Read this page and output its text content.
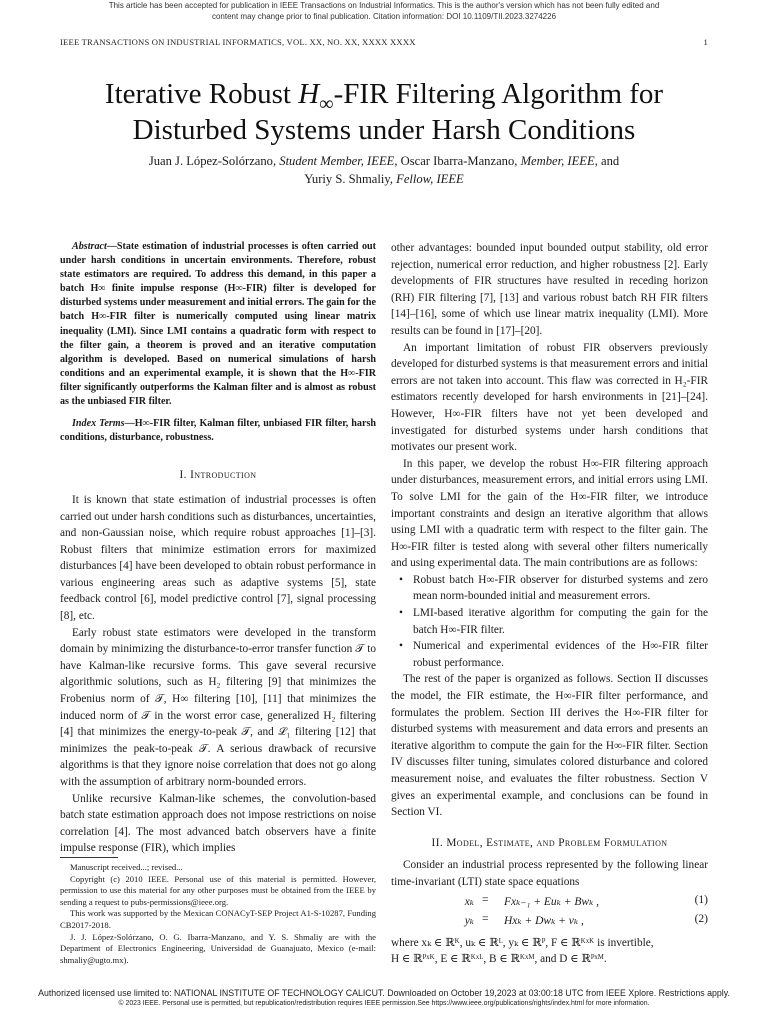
This article has been accepted for publication in IEEE Transactions on Industrial Informatics. This is the author's version which has not been fully edited and
content may change prior to final publication. Citation information: DOI 10.1109/TII.2023.3274226
IEEE TRANSACTIONS ON INDUSTRIAL INFORMATICS, VOL. XX, NO. XX, XXXX XXXX	1
Iterative Robust $H_\infty$-FIR Filtering Algorithm for
Disturbed Systems under Harsh Conditions
Juan J. López-Solórzano, Student Member, IEEE, Oscar Ibarra-Manzano, Member, IEEE, and
Yuriy S. Shmaliy, Fellow, IEEE

Abstract—State estimation of industrial processes is often carried out under harsh conditions in uncertain environments. Therefore, robust state estimators are required. To address this demand, in this paper a batch H∞ finite impulse response (H∞-FIR) filter is developed for disturbed systems under measurement and initial errors. The gain for the batch H∞-FIR filter is numerically computed using linear matrix inequality (LMI). Since LMI contains a quadratic form with respect to the filter gain, a theorem is proved and an iterative computation algorithm is developed. Based on numerical simulations of harsh conditions and an experimental example, it is shown that the H∞-FIR filter significantly outperforms the Kalman filter and is almost as robust as the unbiased FIR filter.

Index Terms—H∞-FIR filter, Kalman filter, unbiased FIR filter, harsh conditions, disturbance, robustness.

I. Introduction

It is known that state estimation of industrial processes is often carried out under harsh conditions such as disturbances, uncertainties, and non-Gaussian noise, which require robust approaches [1]–[3]. Robust filters that minimize estimation errors for maximized disturbances [4] have been developed to obtain robust performance in various engineering areas such as adaptive systems [5], state feedback control [6], model predictive control [7], signal processing [8], etc.

Early robust state estimators were developed in the transform domain by minimizing the disturbance-to-error transfer function 𝒯 to have Kalman-like recursive forms. This gave several recursive algorithmic solutions, such as H₂ filtering [9] that minimizes the Frobenius norm of 𝒯, H∞ filtering [10], [11] that minimizes the induced norm of 𝒯 in the worst error case, generalized H₂ filtering [4] that minimizes the energy-to-peak 𝒯, and ℒ₁ filtering [12] that minimizes the peak-to-peak 𝒯. A serious drawback of recursive algorithms is that they ignore noise correlation that does not go along with the assumption of arbitrary norm-bounded errors.

Unlike recursive Kalman-like schemes, the convolution-based batch state estimation approach does not impose restrictions on noise correlation [4]. The most advanced batch observers have a finite impulse response (FIR), which implies

Manuscript received...; revised...

Copyright (c) 2010 IEEE. Personal use of this material is permitted. However, permission to use this material for any other purposes must be obtained from the IEEE by sending a request to pubs-permissions@ieee.org.

This work was supported by the Mexican CONACyT-SEP Project A1-S-10287, Funding CB2017-2018.

J. J. López-Solórzano, O. G. Ibarra-Manzano, and Y. S. Shmaliy are with the Department of Electronics Engineering, Universidad de Guanajuato, Mexico (e-mail: shmaliy@ugto.mx).

other advantages: bounded input bounded output stability, old error rejection, numerical error reduction, and higher robustness [2]. Early developments of FIR structures have resulted in receding horizon (RH) FIR filtering [7], [13] and various robust batch RH FIR filters [14]–[16], some of which use linear matrix inequality (LMI). More results can be found in [17]–[20].

An important limitation of robust FIR observers previously developed for disturbed systems is that measurement errors and initial errors are not taken into account. This flaw was corrected in H₂-FIR estimators recently developed for harsh environments in [21]–[24]. However, H∞-FIR filters have not yet been developed and investigated for disturbed systems under harsh conditions that motivates our present work.

In this paper, we develop the robust H∞-FIR filtering approach under disturbances, measurement errors, and initial errors using LMI. To solve LMI for the gain of the H∞-FIR filter, we introduce important constraints and design an iterative algorithm that allows using LMI with a quadratic term with respect to the filter gain. The H∞-FIR filter is tested along with several other filters numerically and using experimental data. The main contributions are as follows:

• Robust batch H∞-FIR observer for disturbed systems and zero mean norm-bounded initial and measurement errors.
• LMI-based iterative algorithm for computing the gain for the batch H∞-FIR filter.
• Numerical and experimental evidences of the H∞-FIR filter robust performance.

The rest of the paper is organized as follows. Section II discusses the model, the FIR estimate, the H∞-FIR filter performance, and formulates the problem. Section III derives the H∞-FIR filter for disturbed systems with measurement and data errors and presents an iterative algorithm to compute the gain for the H∞-FIR filter. Section IV discusses filter tuning, simulates colored disturbance and colored measurement noise, and evaluates the filter robustness. Section V gives an experimental example, and conclusions can be found in Section VI.

II. Model, Estimate, and Problem Formulation

Consider an industrial process represented by the following linear time-invariant (LTI) state space equations

xₖ = Fxₖ₋₁ + Euₖ + Bwₖ ,	(1)
yₖ = Hxₖ + Dwₖ + vₖ ,	(2)
where xₖ ∈ ℝᴷ, uₖ ∈ ℝᴸ, yₖ ∈ ℝᴾ, F ∈ ℝᴷˣᴷ is invertible,
H ∈ ℝᴾˣᴷ, E ∈ ℝᴷˣᴸ, B ∈ ℝᴷˣᴹ, and D ∈ ℝᴾˣᴹ.
Authorized licensed use limited to: NATIONAL INSTITUTE OF TECHNOLOGY CALICUT. Downloaded on October 19,2023 at 03:00:18 UTC from IEEE Xplore. Restrictions apply.
© 2023 IEEE. Personal use is permitted, but republication/redistribution requires IEEE permission.See https://www.ieee.org/publications/rights/index.html for more information.
